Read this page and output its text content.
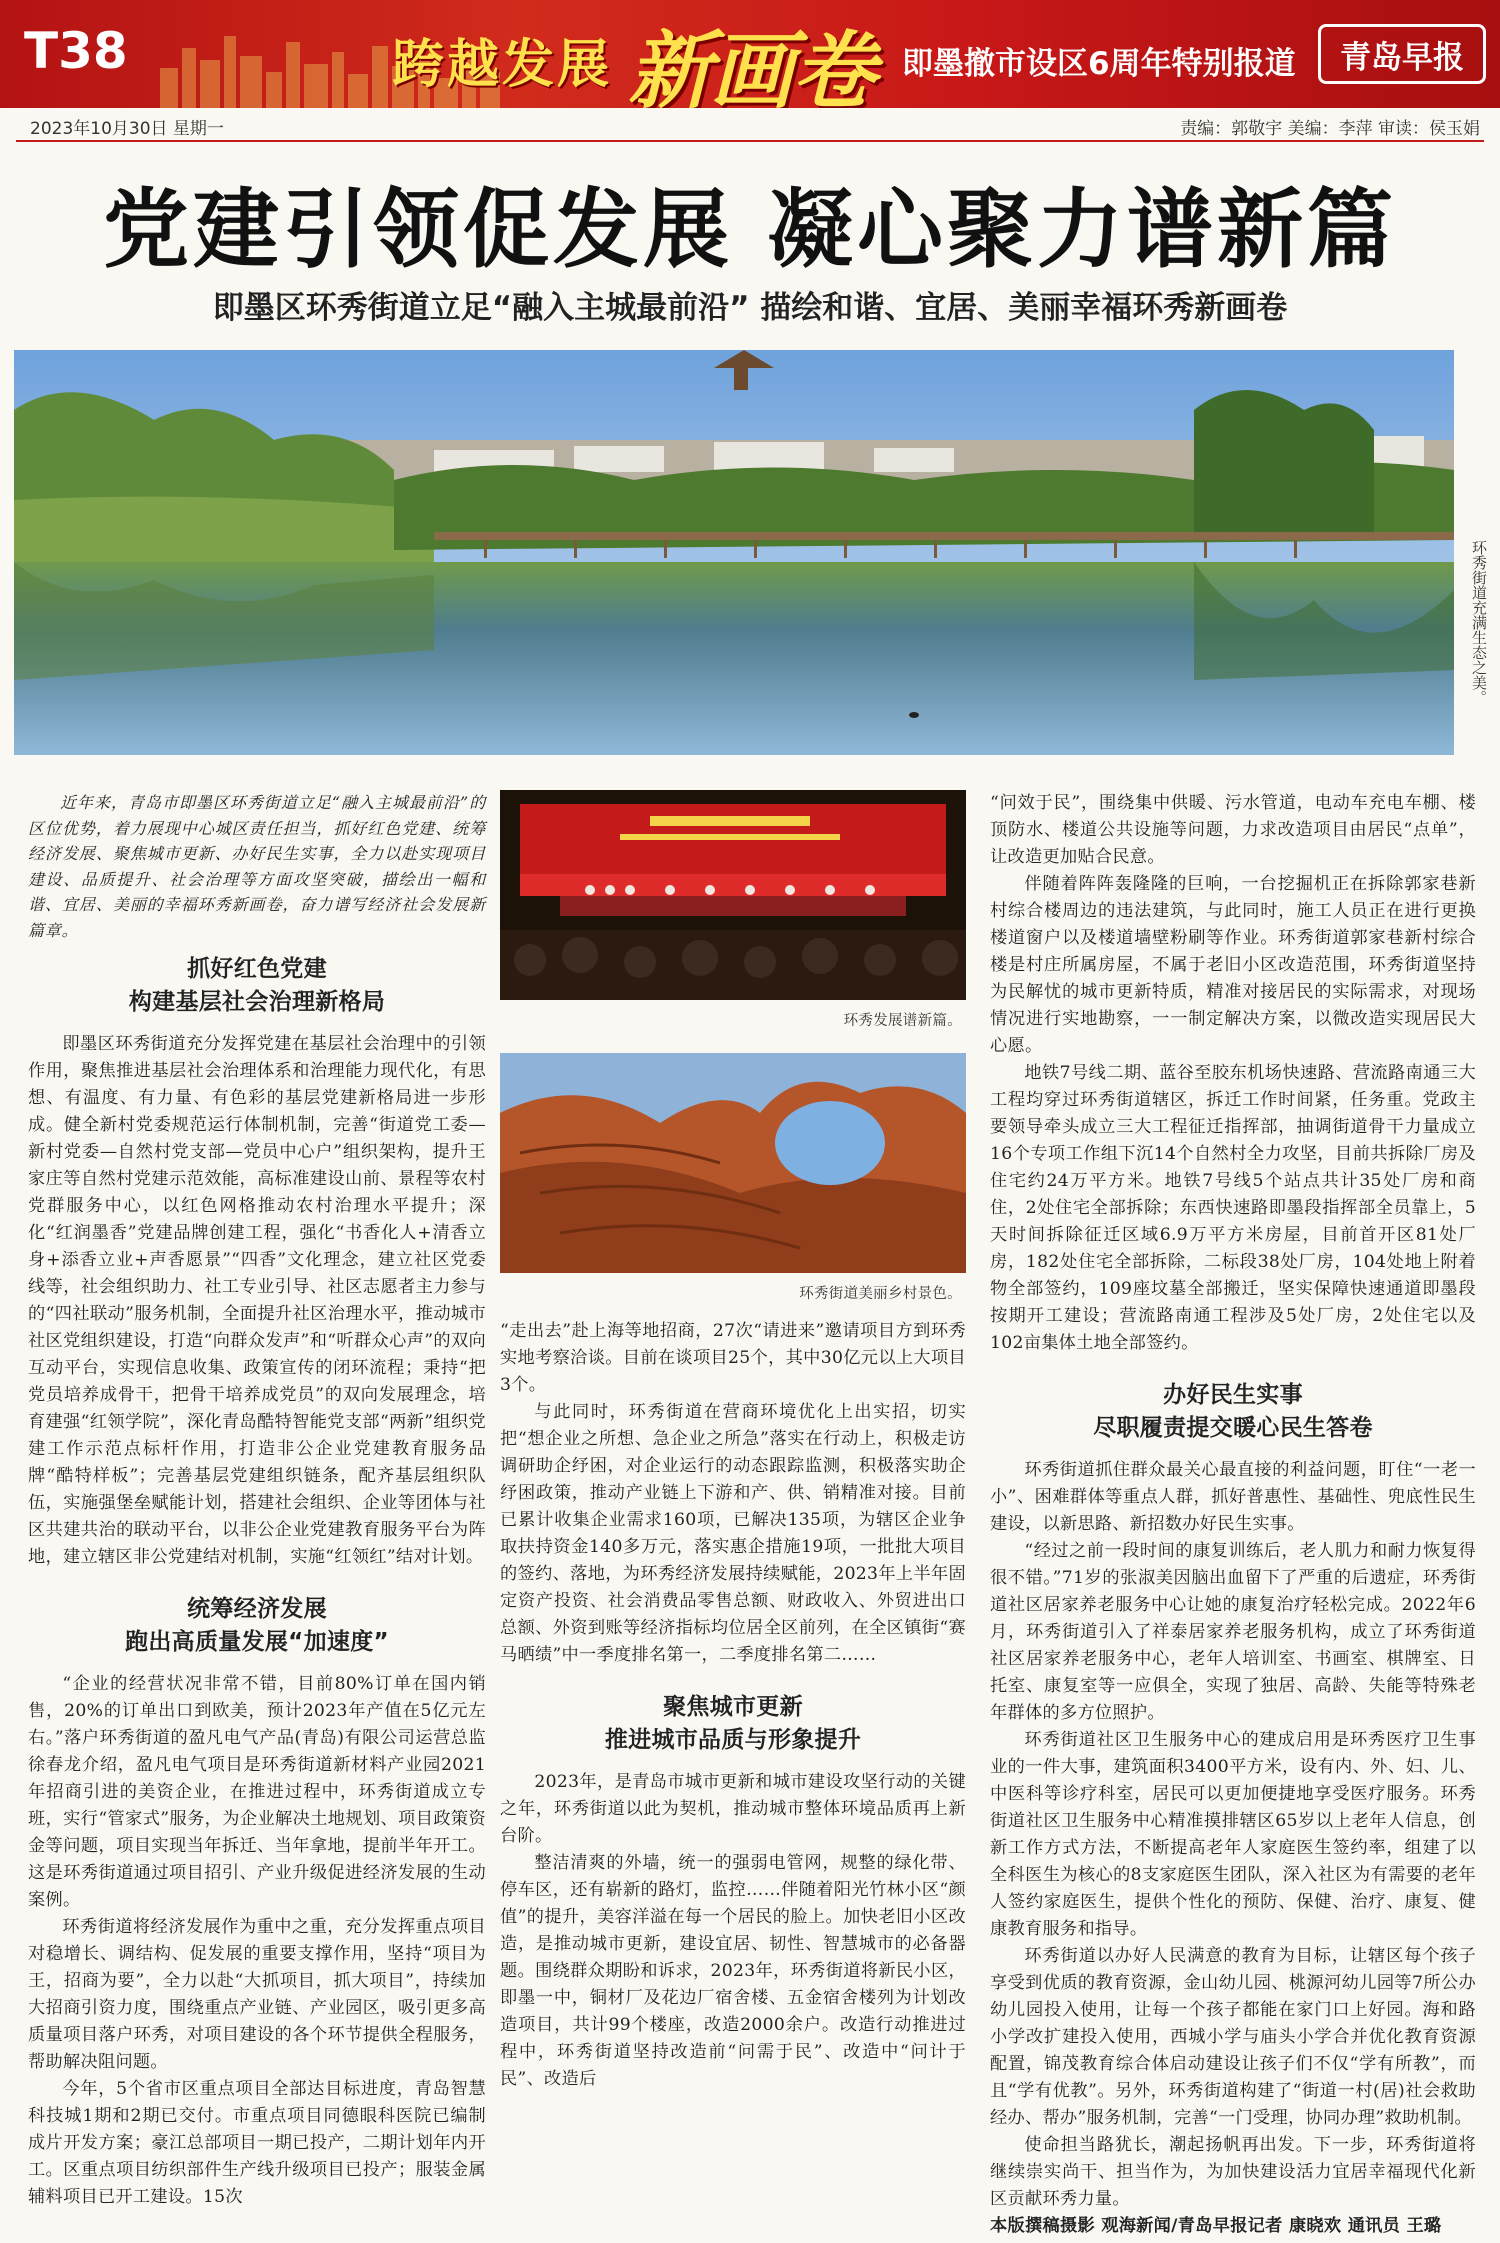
T38	跨越发展 新画卷 即墨撤市设区6周年特别报道	青岛早报
2023年10月30日 星期一	责编：郭敬宇 美编：李萍 审读：侯玉娟
党建引领促发展 凝心聚力谱新篇
即墨区环秀街道立足“融入主城最前沿” 描绘和谐、宜居、美丽幸福环秀新画卷
环秀街道充满生态之美。

近年来，青岛市即墨区环秀街道立足“融入主城最前沿”的区位优势，着力展现中心城区责任担当，抓好红色党建、统筹经济发展、聚焦城市更新、办好民生实事，全力以赴实现项目建设、品质提升、社会治理等方面攻坚突破，描绘出一幅和谐、宜居、美丽的幸福环秀新画卷，奋力谱写经济社会发展新篇章。

抓好红色党建
构建基层社会治理新格局

即墨区环秀街道充分发挥党建在基层社会治理中的引领作用，聚焦推进基层社会治理体系和治理能力现代化，有思想、有温度、有力量、有色彩的基层党建新格局进一步形成。健全新村党委规范运行体制机制，完善“街道党工委—新村党委—自然村党支部—党员中心户”组织架构，提升王家庄等自然村党建示范效能，高标准建设山前、景程等农村党群服务中心，以红色网格推动农村治理水平提升；深化“红润墨香”党建品牌创建工程，强化“书香化人+清香立身+添香立业+声香愿景”“四香”文化理念，建立社区党委线等，社会组织助力、社工专业引导、社区志愿者主力参与的“四社联动”服务机制，全面提升社区治理水平，推动城市社区党组织建设，打造“向群众发声”和“听群众心声”的双向互动平台，实现信息收集、政策宣传的闭环流程；秉持“把党员培养成骨干，把骨干培养成党员”的双向发展理念，培育建强“红领学院”，深化青岛酷特智能党支部“两新”组织党建工作示范点标杆作用，打造非公企业党建教育服务品牌“酷特样板”；完善基层党建组织链条，配齐基层组织队伍，实施强堡垒赋能计划，搭建社会组织、企业等团体与社区共建共治的联动平台，以非公企业党建教育服务平台为阵地，建立辖区非公党建结对机制，实施“红领红”结对计划。

统筹经济发展
跑出高质量发展“加速度”

“企业的经营状况非常不错，目前80%订单在国内销售，20%的订单出口到欧美，预计2023年产值在5亿元左右。”落户环秀街道的盈凡电气产品(青岛)有限公司运营总监徐春龙介绍，盈凡电气项目是环秀街道新材料产业园2021年招商引进的美资企业，在推进过程中，环秀街道成立专班，实行“管家式”服务，为企业解决土地规划、项目政策资金等问题，项目实现当年拆迁、当年拿地，提前半年开工。这是环秀街道通过项目招引、产业升级促进经济发展的生动案例。

环秀街道将经济发展作为重中之重，充分发挥重点项目对稳增长、调结构、促发展的重要支撑作用，坚持“项目为王，招商为要”，全力以赴“大抓项目，抓大项目”，持续加大招商引资力度，围绕重点产业链、产业园区，吸引更多高质量项目落户环秀，对项目建设的各个环节提供全程服务，帮助解决阻问题。

今年，5个省市区重点项目全部达目标进度，青岛智慧科技城1期和2期已交付。市重点项目同德眼科医院已编制成片开发方案；豪江总部项目一期已投产，二期计划年内开工。区重点项目纺织部件生产线升级项目已投产；服装金属辅料项目已开工建设。15次

环秀发展谱新篇。
环秀街道美丽乡村景色。

“走出去”赴上海等地招商，27次“请进来”邀请项目方到环秀实地考察洽谈。目前在谈项目25个，其中30亿元以上大项目3个。

与此同时，环秀街道在营商环境优化上出实招，切实把“想企业之所想、急企业之所急”落实在行动上，积极走访调研助企纾困，对企业运行的动态跟踪监测，积极落实助企纾困政策，推动产业链上下游和产、供、销精准对接。目前已累计收集企业需求160项，已解决135项，为辖区企业争取扶持资金140多万元，落实惠企措施19项，一批批大项目的签约、落地，为环秀经济发展持续赋能，2023年上半年固定资产投资、社会消费品零售总额、财政收入、外贸进出口总额、外资到账等经济指标均位居全区前列，在全区镇街“赛马晒绩”中一季度排名第一，二季度排名第二……

聚焦城市更新
推进城市品质与形象提升

2023年，是青岛市城市更新和城市建设攻坚行动的关键之年，环秀街道以此为契机，推动城市整体环境品质再上新台阶。

整洁清爽的外墙，统一的强弱电管网，规整的绿化带、停车区，还有崭新的路灯，监控……伴随着阳光竹林小区“颜值”的提升，美容洋溢在每一个居民的脸上。加快老旧小区改造，是推动城市更新，建设宜居、韧性、智慧城市的必备器题。围绕群众期盼和诉求，2023年，环秀街道将新民小区，即墨一中，铜材厂及花边厂宿舍楼、五金宿舍楼列为计划改造项目，共计99个楼座，改造2000余户。改造行动推进过程中，环秀街道坚持改造前“问需于民”、改造中“问计于民”、改造后

“问效于民”，围绕集中供暖、污水管道，电动车充电车棚、楼顶防水、楼道公共设施等问题，力求改造项目由居民“点单”，让改造更加贴合民意。

伴随着阵阵轰隆隆的巨响，一台挖掘机正在拆除郭家巷新村综合楼周边的违法建筑，与此同时，施工人员正在进行更换楼道窗户以及楼道墙壁粉刷等作业。环秀街道郭家巷新村综合楼是村庄所属房屋，不属于老旧小区改造范围，环秀街道坚持为民解忧的城市更新特质，精准对接居民的实际需求，对现场情况进行实地勘察，一一制定解决方案，以微改造实现居民大心愿。

地铁7号线二期、蓝谷至胶东机场快速路、营流路南通三大工程均穿过环秀街道辖区，拆迁工作时间紧，任务重。党政主要领导牵头成立三大工程征迁指挥部，抽调街道骨干力量成立16个专项工作组下沉14个自然村全力攻坚，目前共拆除厂房及住宅约24万平方米。地铁7号线5个站点共计35处厂房和商住，2处住宅全部拆除；东西快速路即墨段指挥部全员靠上，5天时间拆除征迁区域6.9万平方米房屋，目前首开区81处厂房，182处住宅全部拆除，二标段38处厂房，104处地上附着物全部签约，109座坟墓全部搬迁，坚实保障快速通道即墨段按期开工建设；营流路南通工程涉及5处厂房，2处住宅以及102亩集体土地全部签约。

办好民生实事
尽职履责提交暖心民生答卷

环秀街道抓住群众最关心最直接的利益问题，盯住“一老一小”、困难群体等重点人群，抓好普惠性、基础性、兜底性民生建设，以新思路、新招数办好民生实事。

“经过之前一段时间的康复训练后，老人肌力和耐力恢复得很不错。”71岁的张淑美因脑出血留下了严重的后遗症，环秀街道社区居家养老服务中心让她的康复治疗轻松完成。2022年6月，环秀街道引入了祥泰居家养老服务机构，成立了环秀街道社区居家养老服务中心，老年人培训室、书画室、棋牌室、日托室、康复室等一应俱全，实现了独居、高龄、失能等特殊老年群体的多方位照护。

环秀街道社区卫生服务中心的建成启用是环秀医疗卫生事业的一件大事，建筑面积3400平方米，设有内、外、妇、儿、中医科等诊疗科室，居民可以更加便捷地享受医疗服务。环秀街道社区卫生服务中心精准摸排辖区65岁以上老年人信息，创新工作方式方法，不断提高老年人家庭医生签约率，组建了以全科医生为核心的8支家庭医生团队，深入社区为有需要的老年人签约家庭医生，提供个性化的预防、保健、治疗、康复、健康教育服务和指导。

环秀街道以办好人民满意的教育为目标，让辖区每个孩子享受到优质的教育资源，金山幼儿园、桃源河幼儿园等7所公办幼儿园投入使用，让每一个孩子都能在家门口上好园。海和路小学改扩建投入使用，西城小学与庙头小学合并优化教育资源配置，锦茂教育综合体启动建设让孩子们不仅“学有所教”，而且“学有优教”。另外，环秀街道构建了“街道一村(居)社会救助经办、帮办”服务机制，完善“一门受理，协同办理”救助机制。

使命担当路犹长，潮起扬帆再出发。下一步，环秀街道将继续崇实尚干、担当作为，为加快建设活力宜居幸福现代化新区贡献环秀力量。

本版撰稿摄影 观海新闻/青岛早报记者 康晓欢 通讯员 王璐
